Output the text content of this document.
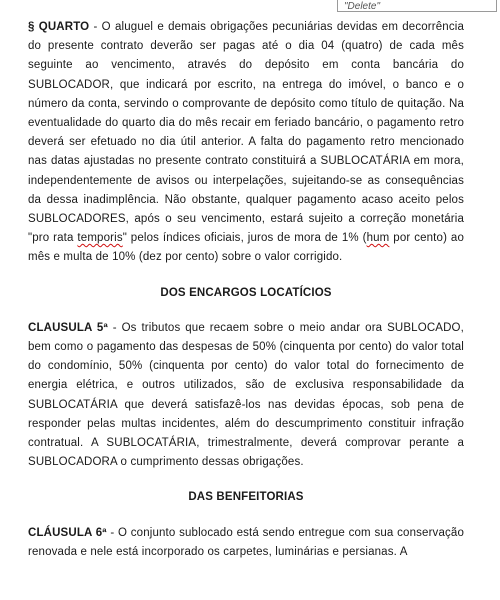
"Delete"

§ QUARTO - O aluguel e demais obrigações pecuniárias devidas em decorrência do presente contrato deverão ser pagas até o dia 04 (quatro) de cada mês seguinte ao vencimento, através do depósito em conta bancária do SUBLOCADOR, que indicará por escrito, na entrega do imóvel, o banco e o número da conta, servindo o comprovante de depósito como título de quitação. Na eventualidade do quarto dia do mês recair em feriado bancário, o pagamento retro deverá ser efetuado no dia útil anterior. A falta do pagamento retro mencionado nas datas ajustadas no presente contrato constituirá a SUBLOCATÁRIA em mora, independentemente de avisos ou interpelações, sujeitando-se as consequências da dessa inadimplência. Não obstante, qualquer pagamento acaso aceito pelos SUBLOCADORES, após o seu vencimento, estará sujeito a correção monetária "pro rata temporis" pelos índices oficiais, juros de mora de 1% (hum por cento) ao mês e multa de 10% (dez por cento) sobre o valor corrigido.

DOS ENCARGOS LOCATÍCIOS

CLAUSULA 5ª - Os tributos que recaem sobre o meio andar ora SUBLOCADO, bem como o pagamento das despesas de 50% (cinquenta por cento) do valor total do condomínio, 50% (cinquenta por cento) do valor total do fornecimento de energia elétrica, e outros utilizados, são de exclusiva responsabilidade da SUBLOCATÁRIA que deverá satisfazê-los nas devidas épocas, sob pena de responder pelas multas incidentes, além do descumprimento constituir infração contratual. A SUBLOCATÁRIA, trimestralmente, deverá comprovar perante a SUBLOCADORA o cumprimento dessas obrigações.

DAS BENFEITORIAS

CLÁUSULA 6ª - O conjunto sublocado está sendo entregue com sua conservação renovada e nele está incorporado os carpetes, luminárias e persianas. A
